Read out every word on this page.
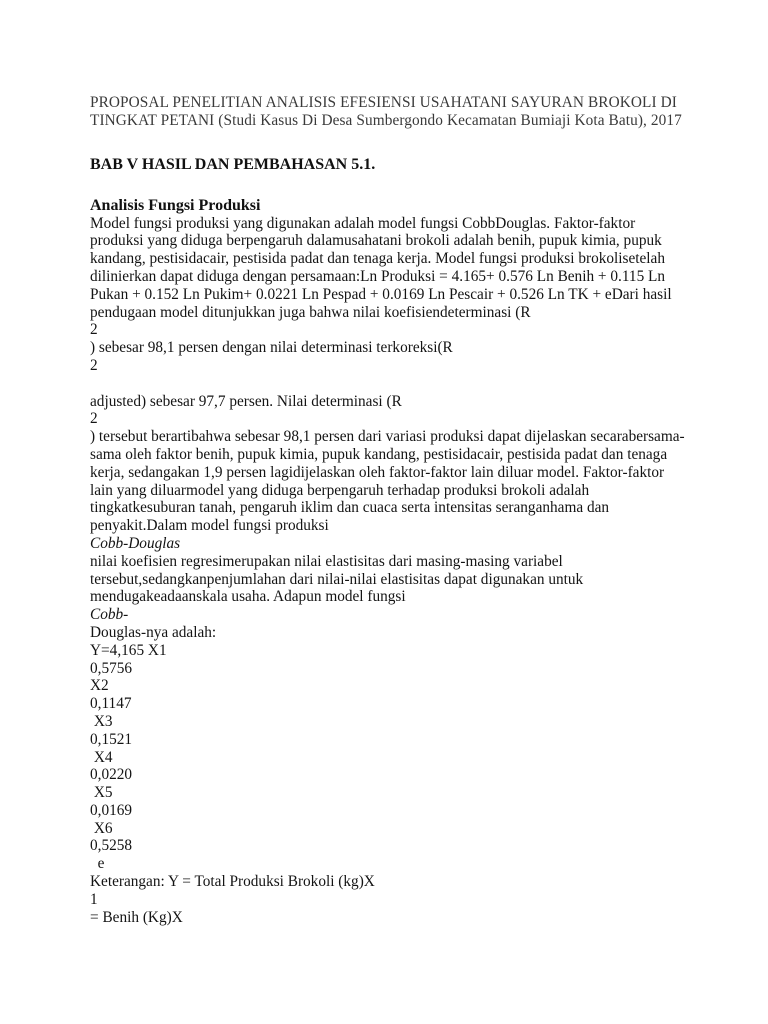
PROPOSAL PENELITIAN ANALISIS EFESIENSI USAHATANI SAYURAN BROKOLI DI
TINGKAT PETANI (Studi Kasus Di Desa Sumbergondo Kecamatan Bumiaji Kota Batu), 2017

BAB V HASIL DAN PEMBAHASAN 5.1.
Analisis Fungsi Produksi
Model fungsi produksi yang digunakan adalah model fungsi CobbDouglas. Faktor-faktor
produksi yang diduga berpengaruh dalamusahatani brokoli adalah benih, pupuk kimia, pupuk
kandang, pestisidacair, pestisida padat dan tenaga kerja. Model fungsi produksi brokolisetelah
dilinierkan dapat diduga dengan persamaan:Ln Produksi = 4.165+ 0.576 Ln Benih + 0.115 Ln
Pukan + 0.152 Ln Pukim+ 0.0221 Ln Pespad + 0.0169 Ln Pescair + 0.526 Ln TK + eDari hasil
pendugaan model ditunjukkan juga bahwa nilai koefisiendeterminasi (R
2
) sebesar 98,1 persen dengan nilai determinasi terkoreksi(R
2
adjusted) sebesar 97,7 persen. Nilai determinasi (R
2
) tersebut berartibahwa sebesar 98,1 persen dari variasi produksi dapat dijelaskan secarabersama-
sama oleh faktor benih, pupuk kimia, pupuk kandang, pestisidacair, pestisida padat dan tenaga
kerja, sedangakan 1,9 persen lagidijelaskan oleh faktor-faktor lain diluar model. Faktor-faktor
lain yang diluarmodel yang diduga berpengaruh terhadap produksi brokoli adalah
tingkatkesuburan tanah, pengaruh iklim dan cuaca serta intensitas seranganhama dan
penyakit.Dalam model fungsi produksi
Cobb-Douglas
nilai koefisien regresimerupakan nilai elastisitas dari masing-masing variabel
tersebut,sedangkanpenjumlahan dari nilai-nilai elastisitas dapat digunakan untuk
mendugakeadaanskala usaha. Adapun model fungsi
Cobb-
Douglas-nya adalah:
Y=4,165 X1
0,5756
X2
0,1147
X3
0,1521
X4
0,0220
X5
0,0169
X6
0,5258
e
Keterangan: Y = Total Produksi Brokoli (kg)X
1
= Benih (Kg)X
